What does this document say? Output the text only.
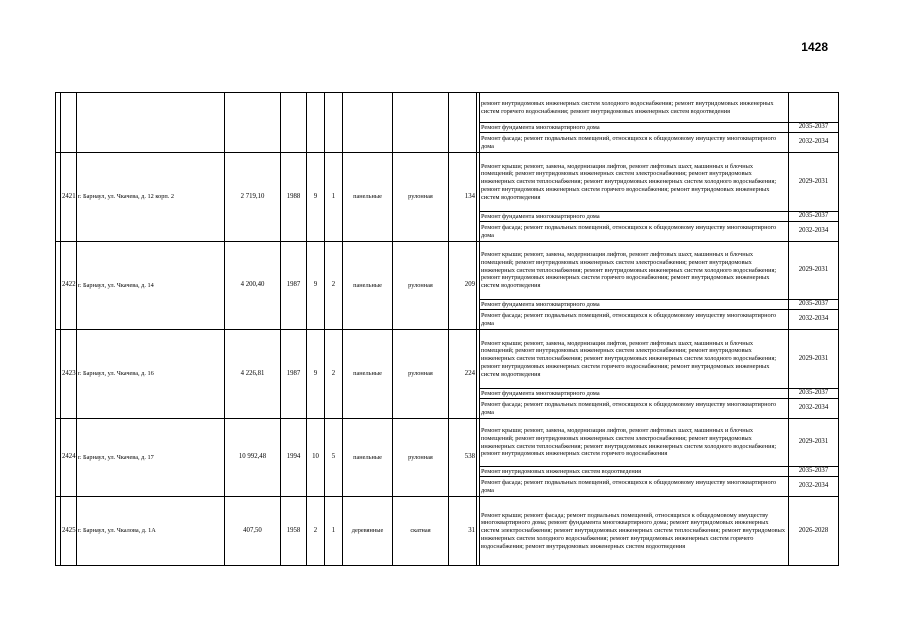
1428
											ремонт внутридомовых инженерных систем холодного водоснабжения; ремонт внутридомовых инженерных систем горячего водоснабжения; ремонт внутридомовых инженерных систем водоотведения	
											Ремонт фундамента многоквартирного дома	2035-2037
											Ремонт фасада; ремонт подвальных помещений, относящихся к общедомовому имуществу многоквартирного дома	2032-2034
	2421	г. Барнаул, ул. Чкачева, д. 12 корп. 2	2 719,10	1988	9	1	панельные	рулонная	134		Ремонт крыши; ремонт, замена, модернизация лифтов, ремонт лифтовых шахт, машинных и блочных помещений; ремонт внутридомовых инженерных систем электроснабжения; ремонт внутридомовых инженерных систем теплоснабжения; ремонт внутридомовых инженерных систем холодного водоснабжения; ремонт внутридомовых инженерных систем горячего водоснабжения; ремонт внутридомовых инженерных систем водоотведения	2029-2031
											Ремонт фундамента многоквартирного дома	2035-2037
											Ремонт фасада; ремонт подвальных помещений, относящихся к общедомовому имуществу многоквартирного дома	2032-2034
	2422	г. Барнаул, ул. Чкачева, д. 14	4 200,40	1987	9	2	панельные	рулонная	209		Ремонт крыши; ремонт, замена, модернизация лифтов, ремонт лифтовых шахт, машинных и блочных помещений; ремонт внутридомовых инженерных систем электроснабжения; ремонт внутридомовых инженерных систем теплоснабжения; ремонт внутридомовых инженерных систем холодного водоснабжения; ремонт внутридомовых инженерных систем горячего водоснабжения; ремонт внутридомовых инженерных систем водоотведения	2029-2031
											Ремонт фундамента многоквартирного дома	2035-2037
											Ремонт фасада; ремонт подвальных помещений, относящихся к общедомовому имуществу многоквартирного дома	2032-2034
	2423	г. Барнаул, ул. Чкачева, д. 16	4 226,81	1987	9	2	панельные	рулонная	224		Ремонт крыши; ремонт, замена, модернизация лифтов, ремонт лифтовых шахт, машинных и блочных помещений; ремонт внутридомовых инженерных систем электроснабжения; ремонт внутридомовых инженерных систем теплоснабжения; ремонт внутридомовых инженерных систем холодного водоснабжения; ремонт внутридомовых инженерных систем горячего водоснабжения; ремонт внутридомовых инженерных систем водоотведения	2029-2031
											Ремонт фундамента многоквартирного дома	2035-2037
											Ремонт фасада; ремонт подвальных помещений, относящихся к общедомовому имуществу многоквартирного дома	2032-2034
	2424	г. Барнаул, ул. Чкачева, д. 17	10 992,48	1994	10	5	панельные	рулонная	538		Ремонт крыши; ремонт, замена, модернизация лифтов, ремонт лифтовых шахт, машинных и блочных помещений; ремонт внутридомовых инженерных систем электроснабжения; ремонт внутридомовых инженерных систем теплоснабжения; ремонт внутридомовых инженерных систем холодного водоснабжения; ремонт внутридомовых инженерных систем горячего водоснабжения	2029-2031
											Ремонт внутридомовых инженерных систем водоотведения	2035-2037
											Ремонт фасада; ремонт подвальных помещений, относящихся к общедомовому имуществу многоквартирного дома	2032-2034
	2425	г. Барнаул, ул. Чкалова, д. 1А	407,50	1958	2	1	деревянные	скатная	31		Ремонт крыши; ремонт фасада; ремонт подвальных помещений, относящихся к общедомовому имуществу многоквартирного дома; ремонт фундамента многоквартирного дома; ремонт внутридомовых инженерных систем электроснабжения; ремонт внутридомовых инженерных систем теплоснабжения; ремонт внутридомовых инженерных систем холодного водоснабжения; ремонт внутридомовых инженерных систем горячего водоснабжения; ремонт внутридомовых инженерных систем водоотведения	2026-2028
